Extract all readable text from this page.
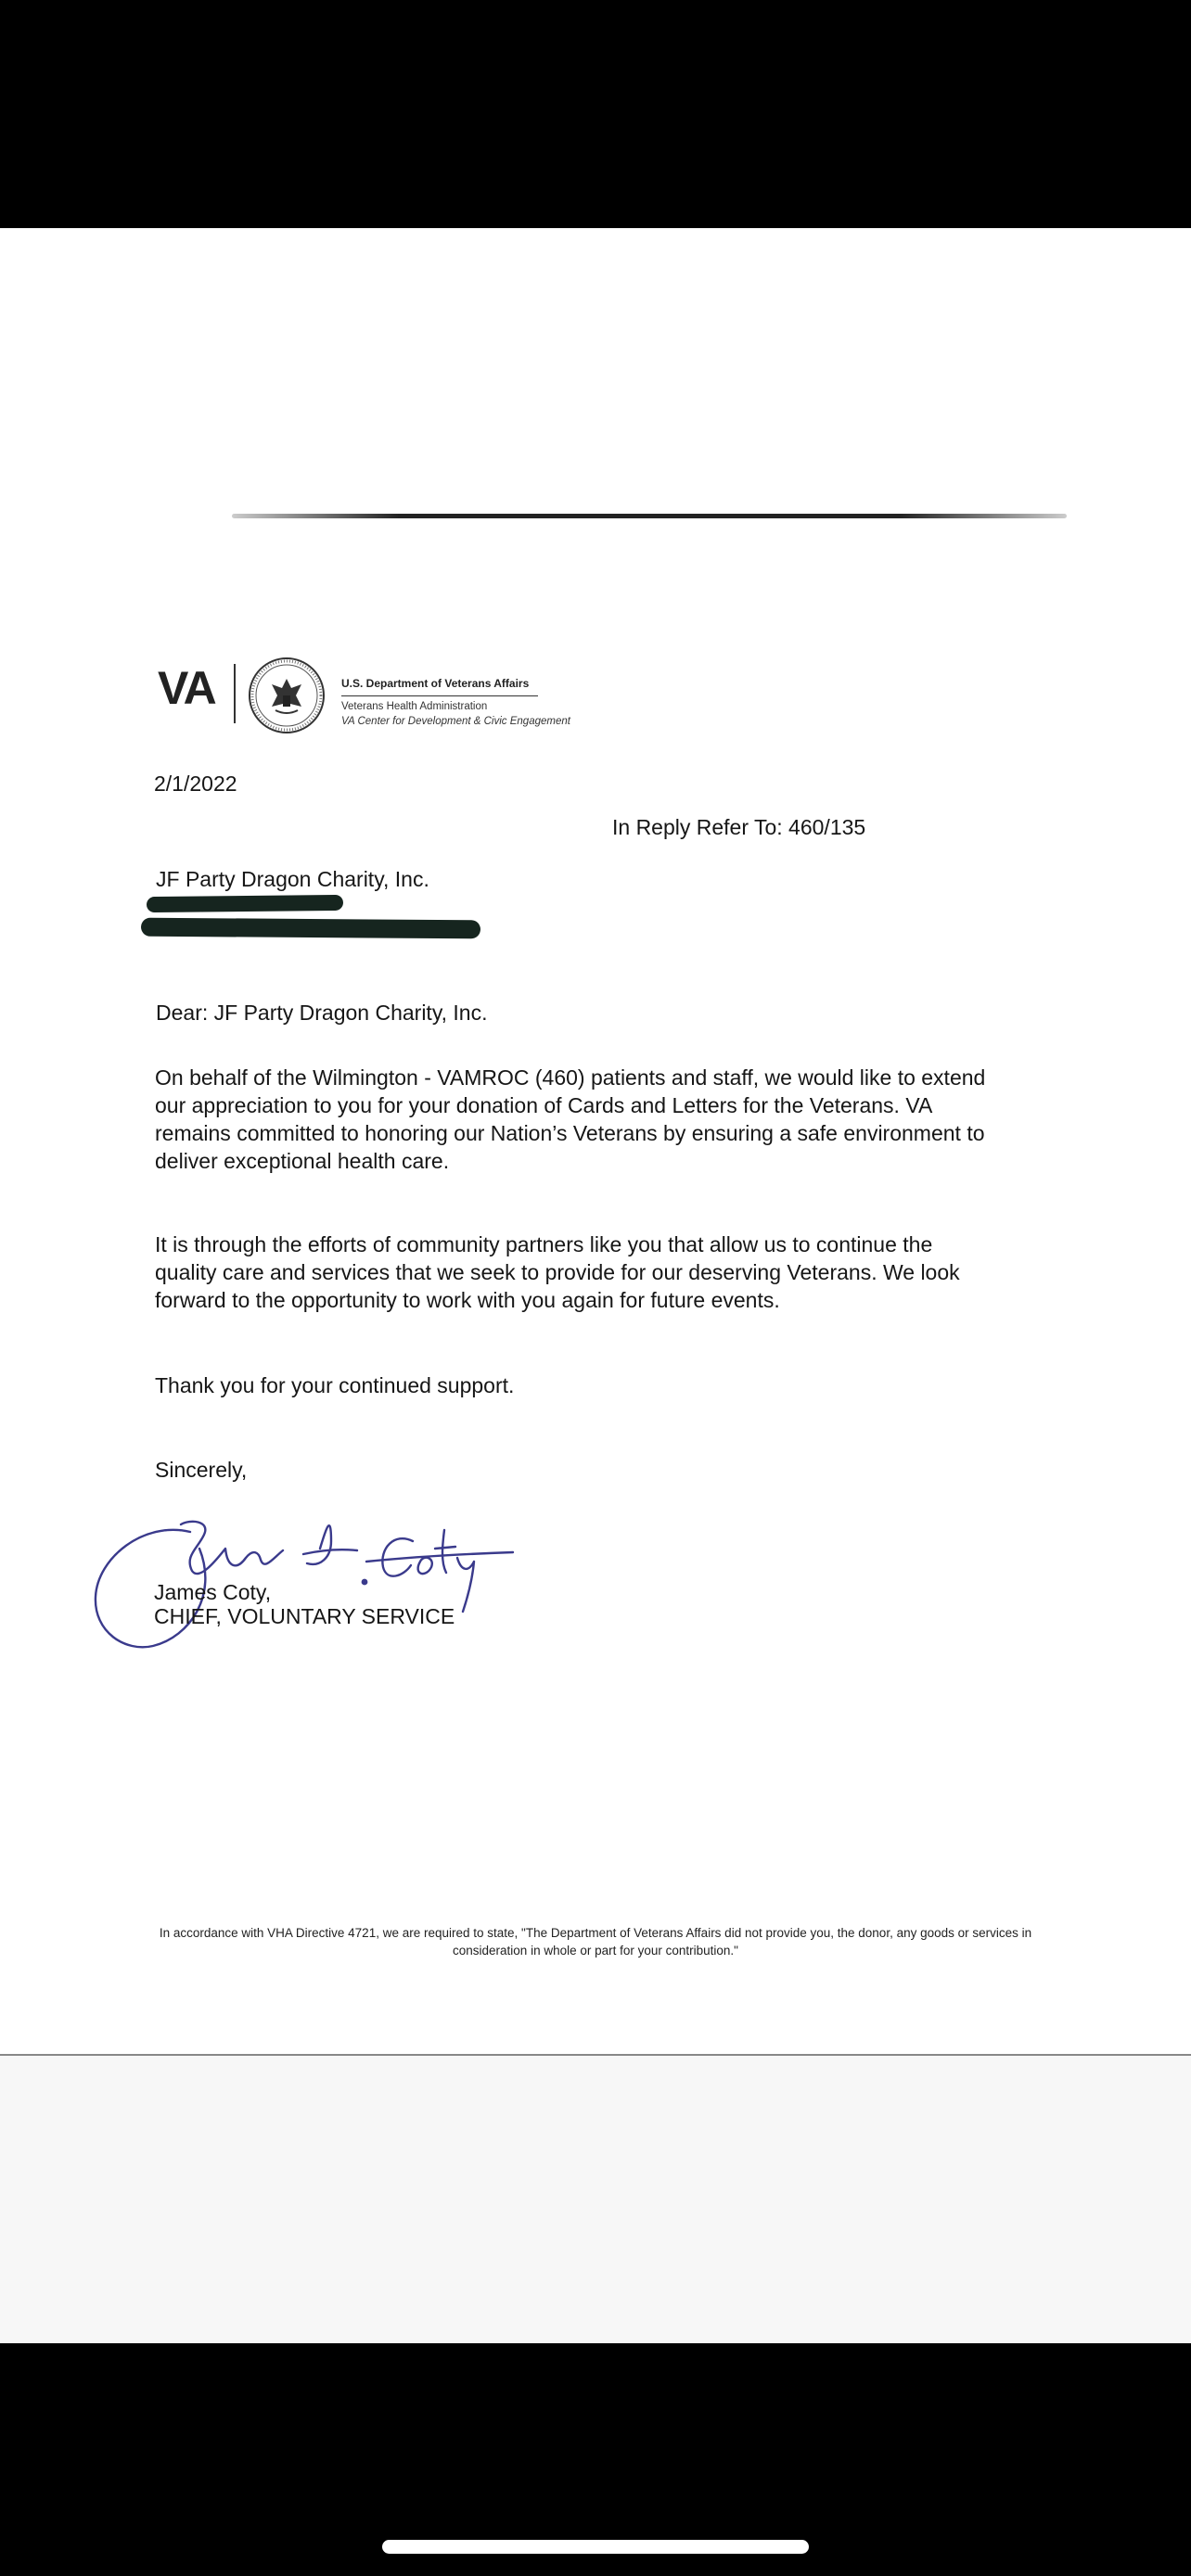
VA	U.S. Department of Veterans Affairs
Veterans Health Administration
VA Center for Development & Civic Engagement
2/1/2022
In Reply Refer To: 460/135
JF Party Dragon Charity, Inc.
Dear: JF Party Dragon Charity, Inc.
On behalf of the Wilmington - VAMROC (460) patients and staff, we would like to extend our appreciation to you for your donation of Cards and Letters for the Veterans. VA remains committed to honoring our Nation’s Veterans by ensuring a safe environment to deliver exceptional health care.
It is through the efforts of community partners like you that allow us to continue the quality care and services that we seek to provide for our deserving Veterans. We look forward to the opportunity to work with you again for future events.
Thank you for your continued support.
Sincerely,
James Coty,
CHIEF, VOLUNTARY SERVICE
In accordance with VHA Directive 4721, we are required to state, "The Department of Veterans Affairs did not provide you, the donor, any goods or services in consideration in whole or part for your contribution."
